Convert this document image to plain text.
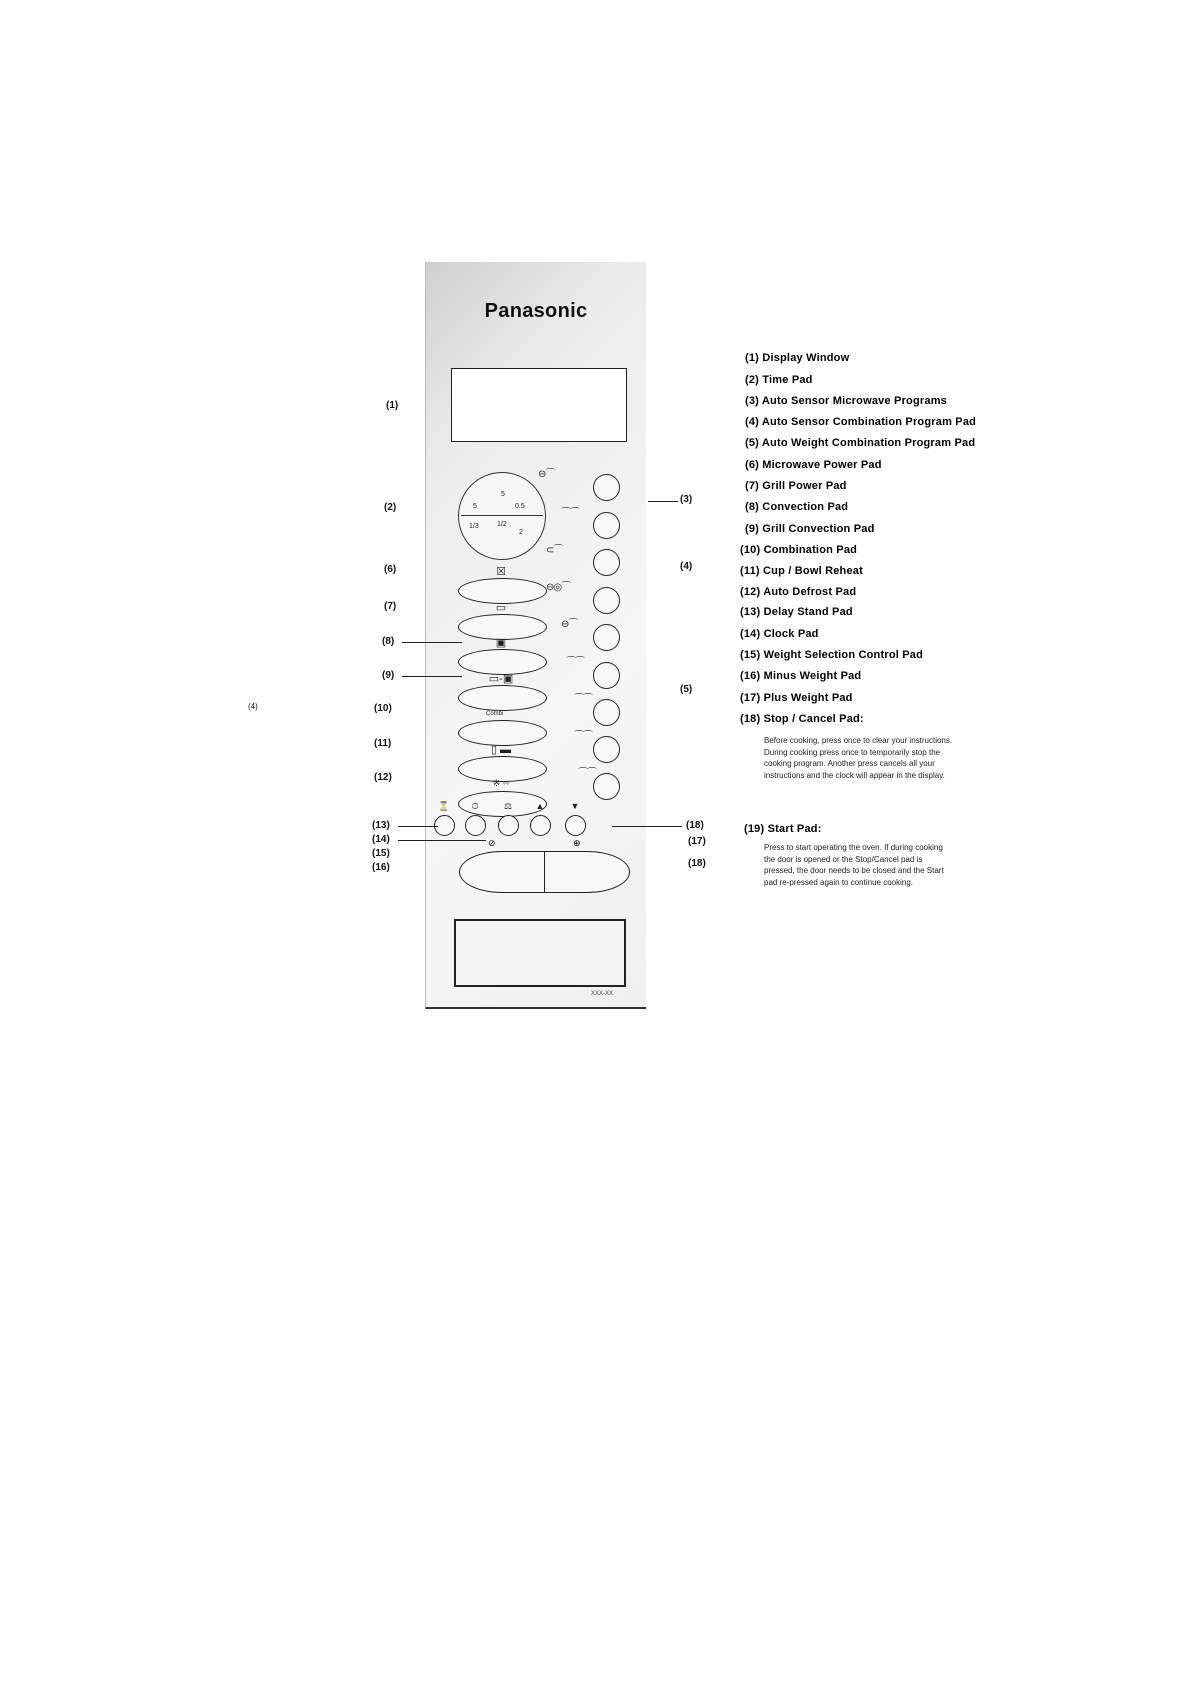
Panasonic
5
5	0.5
1/3	1/2
2
☒
▭
▣
▭‑▣
Combi
▯ ▬
※ ◦◦
⊖⌒
⌒⌒
⊂⌒
⊖◎⌒
⊖⌒
⌒⌒
⌒⌒
⌒⌒
⌒⌒
⏳	⏱	⚖	▲	▼
⊘	⊕
XXX-XX
(3)
(4)
(5)
(1)
(2)
(6)
(7)
(8)
(9)
(10)
(11)
(12)
(13)
(14)
(15)
(16)
(4)
(18)
(17)
(18)
(1) Display Window
(2) Time Pad
(3) Auto Sensor Microwave Programs
(4) Auto Sensor Combination Program Pad
(5) Auto Weight Combination Program Pad
(6) Microwave Power Pad
(7) Grill Power Pad
(8) Convection Pad
(9) Grill Convection Pad
(10) Combination Pad
(11) Cup / Bowl Reheat
(12) Auto Defrost Pad
(13) Delay Stand Pad
(14) Clock Pad
(15) Weight Selection Control Pad
(16) Minus Weight Pad
(17) Plus Weight Pad
(18) Stop / Cancel Pad:
Before cooking, press once to clear your instructions. During cooking press once to temporarily stop the cooking program. Another press cancels all your instructions and the clock will appear in the display.
(19) Start Pad:
Press to start operating the oven. If during cooking the door is opened or the Stop/Cancel pad is pressed, the door needs to be closed and the Start pad re-pressed again to continue cooking.
